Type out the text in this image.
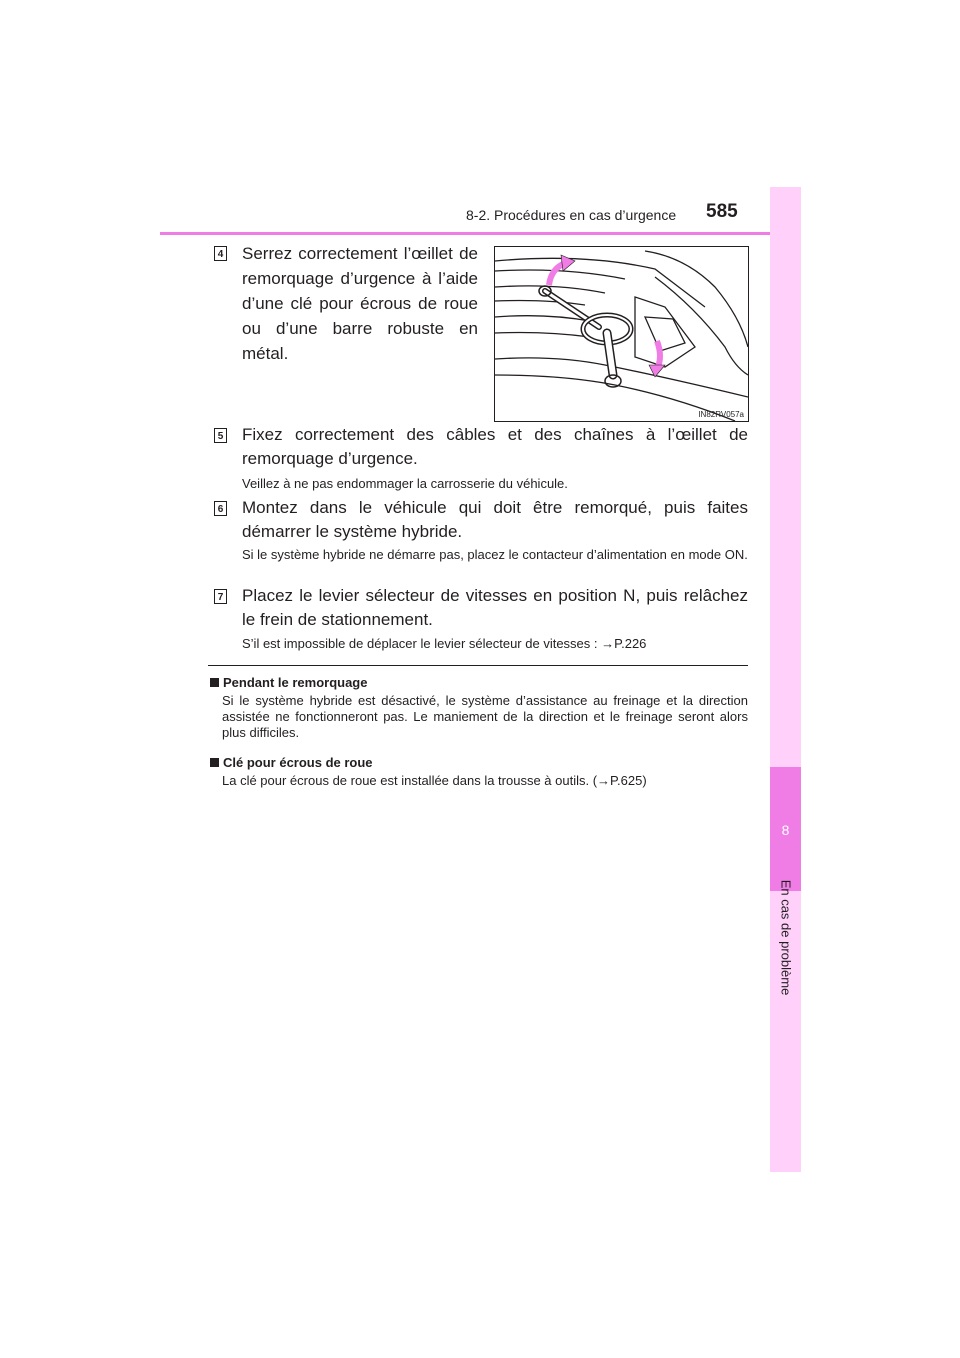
8-2. Procédures en cas d’urgence 585
8
En cas de problème
4 Serrez correctement l’œillet de remorquage d’urgence à l’aide d’une clé pour écrous de roue ou d’une barre robuste en métal.
IN82RV057a
5 Fixez correctement des câbles et des chaînes à l’œillet de remorquage d’urgence.
Veillez à ne pas endommager la carrosserie du véhicule.
6 Montez dans le véhicule qui doit être remorqué, puis faites démarrer le système hybride.
Si le système hybride ne démarre pas, placez le contacteur d’alimentation en mode ON.
7 Placez le levier sélecteur de vitesses en position N, puis relâchez le frein de stationnement.
S’il est impossible de déplacer le levier sélecteur de vitesses : →P.226
Pendant le remorquage
Si le système hybride est désactivé, le système d’assistance au freinage et la direction assistée ne fonctionneront pas. Le maniement de la direction et le freinage seront alors plus difficiles.
Clé pour écrous de roue
La clé pour écrous de roue est installée dans la trousse à outils. (→P.625)
